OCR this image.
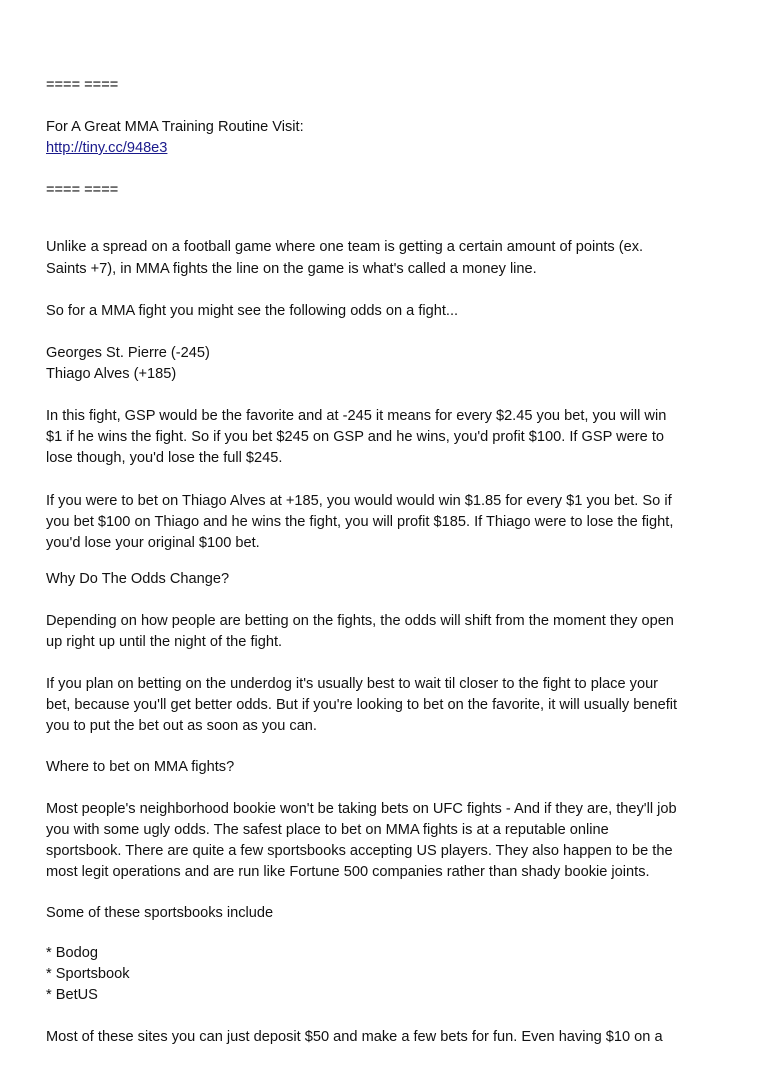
==== ====

For A Great MMA Training Routine Visit:

http://tiny.cc/948e3

==== ====

Unlike a spread on a football game where one team is getting a certain amount of points (ex.

Saints +7), in MMA fights the line on the game is what's called a money line.

So for a MMA fight you might see the following odds on a fight...

Georges St. Pierre (-245)

Thiago Alves (+185)

In this fight, GSP would be the favorite and at -245 it means for every $2.45 you bet, you will win

$1 if he wins the fight. So if you bet $245 on GSP and he wins, you'd profit $100. If GSP were to

lose though, you'd lose the full $245.

If you were to bet on Thiago Alves at +185, you would would win $1.85 for every $1 you bet. So if

you bet $100 on Thiago and he wins the fight, you will profit $185. If Thiago were to lose the fight,

you'd lose your original $100 bet.

Why Do The Odds Change?

Depending on how people are betting on the fights, the odds will shift from the moment they open

up right up until the night of the fight.

If you plan on betting on the underdog it's usually best to wait til closer to the fight to place your

bet, because you'll get better odds. But if you're looking to bet on the favorite, it will usually benefit

you to put the bet out as soon as you can.

Where to bet on MMA fights?

Most people's neighborhood bookie won't be taking bets on UFC fights - And if they are, they'll job

you with some ugly odds. The safest place to bet on MMA fights is at a reputable online

sportsbook. There are quite a few sportsbooks accepting US players. They also happen to be the

most legit operations and are run like Fortune 500 companies rather than shady bookie joints.

Some of these sportsbooks include

* Bodog

* Sportsbook

* BetUS

Most of these sites you can just deposit $50 and make a few bets for fun. Even having $10 on a
